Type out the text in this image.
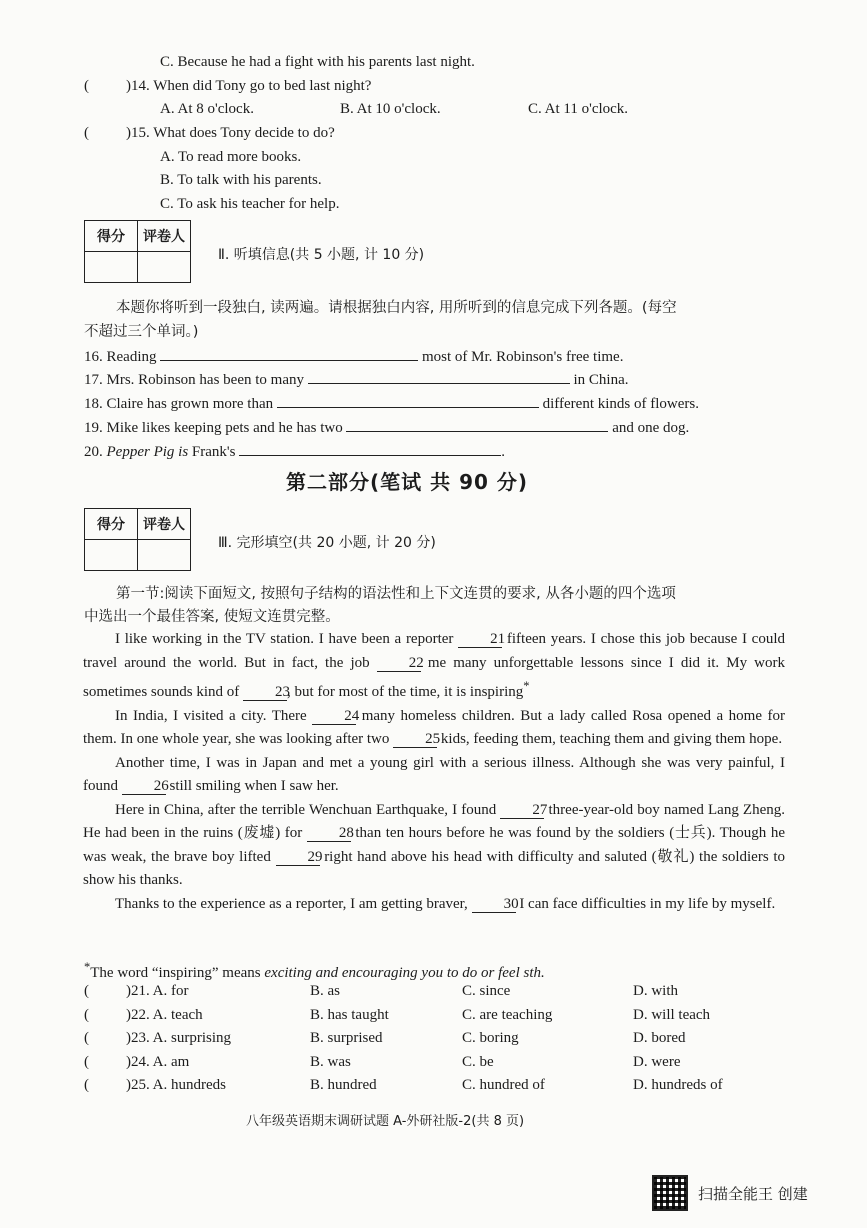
C. Because he had a fight with his parents last night.
( )14. When did Tony go to bed last night?
A. At 8 o'clock.	B. At 10 o'clock.	C. At 11 o'clock.
( )15. What does Tony decide to do?
A. To read more books.
B. To talk with his parents.
C. To ask his teacher for help.
得分	评卷人

Ⅱ. 听填信息(共 5 小题, 计 10 分)
本题你将听到一段独白, 读两遍。请根据独白内容, 用所听到的信息完成下列各题。(每空
不超过三个单词。)
16. Reading	most of Mr. Robinson's free time.
17. Mrs. Robinson has been to many	in China.
18. Claire has grown more than	different kinds of flowers.
19. Mike likes keeping pets and he has two	and one dog.
20. Pepper Pig is Frank's	.
第二部分(笔试 共 90 分)
得分	评卷人

Ⅲ. 完形填空(共 20 小题, 计 20 分)
第一节:阅读下面短文, 按照句子结构的语法性和上下文连贯的要求, 从各小题的四个选项
中选出一个最佳答案, 使短文连贯完整。

I like working in the TV station. I have been a reporter 21 fifteen years. I chose this job because I could travel around the world. But in fact, the job	22 me many unforgettable lessons since I did it. My work sometimes sounds kind of 23, but for most of the time, it is inspiring*

In India, I visited a city. There	24 many homeless children. But a lady called Rosa opened a home for them. In one whole year, she was looking after two 25 kids, feeding them, teaching them and giving them hope.

Another time, I was in Japan and met a young girl with a serious illness. Although she was very painful, I found 26 still smiling when I saw her.

Here in China, after the terrible Wenchuan Earthquake, I found 27 three-year-old boy named Lang Zheng. He had been in the ruins (废墟) for 28 than ten hours before he was found by the soldiers (士兵). Though he was weak, the brave boy lifted 29 right hand above his head with difficulty and saluted (敬礼) the soldiers to show his thanks.

Thanks to the experience as a reporter, I am getting braver, 30 I can face difficulties in my life by myself.

*The word “inspiring” means exciting and encouraging you to do or feel sth.
( )21. A. for	B. as	C. since	D. with
( )22. A. teach	B. has taught	C. are teaching	D. will teach
( )23. A. surprising	B. surprised	C. boring	D. bored
( )24. A. am	B. was	C. be	D. were
( )25. A. hundreds	B. hundred	C. hundred of	D. hundreds of
八年级英语期末调研试题 A-外研社版-2(共 8 页)
扫描全能王 创建
